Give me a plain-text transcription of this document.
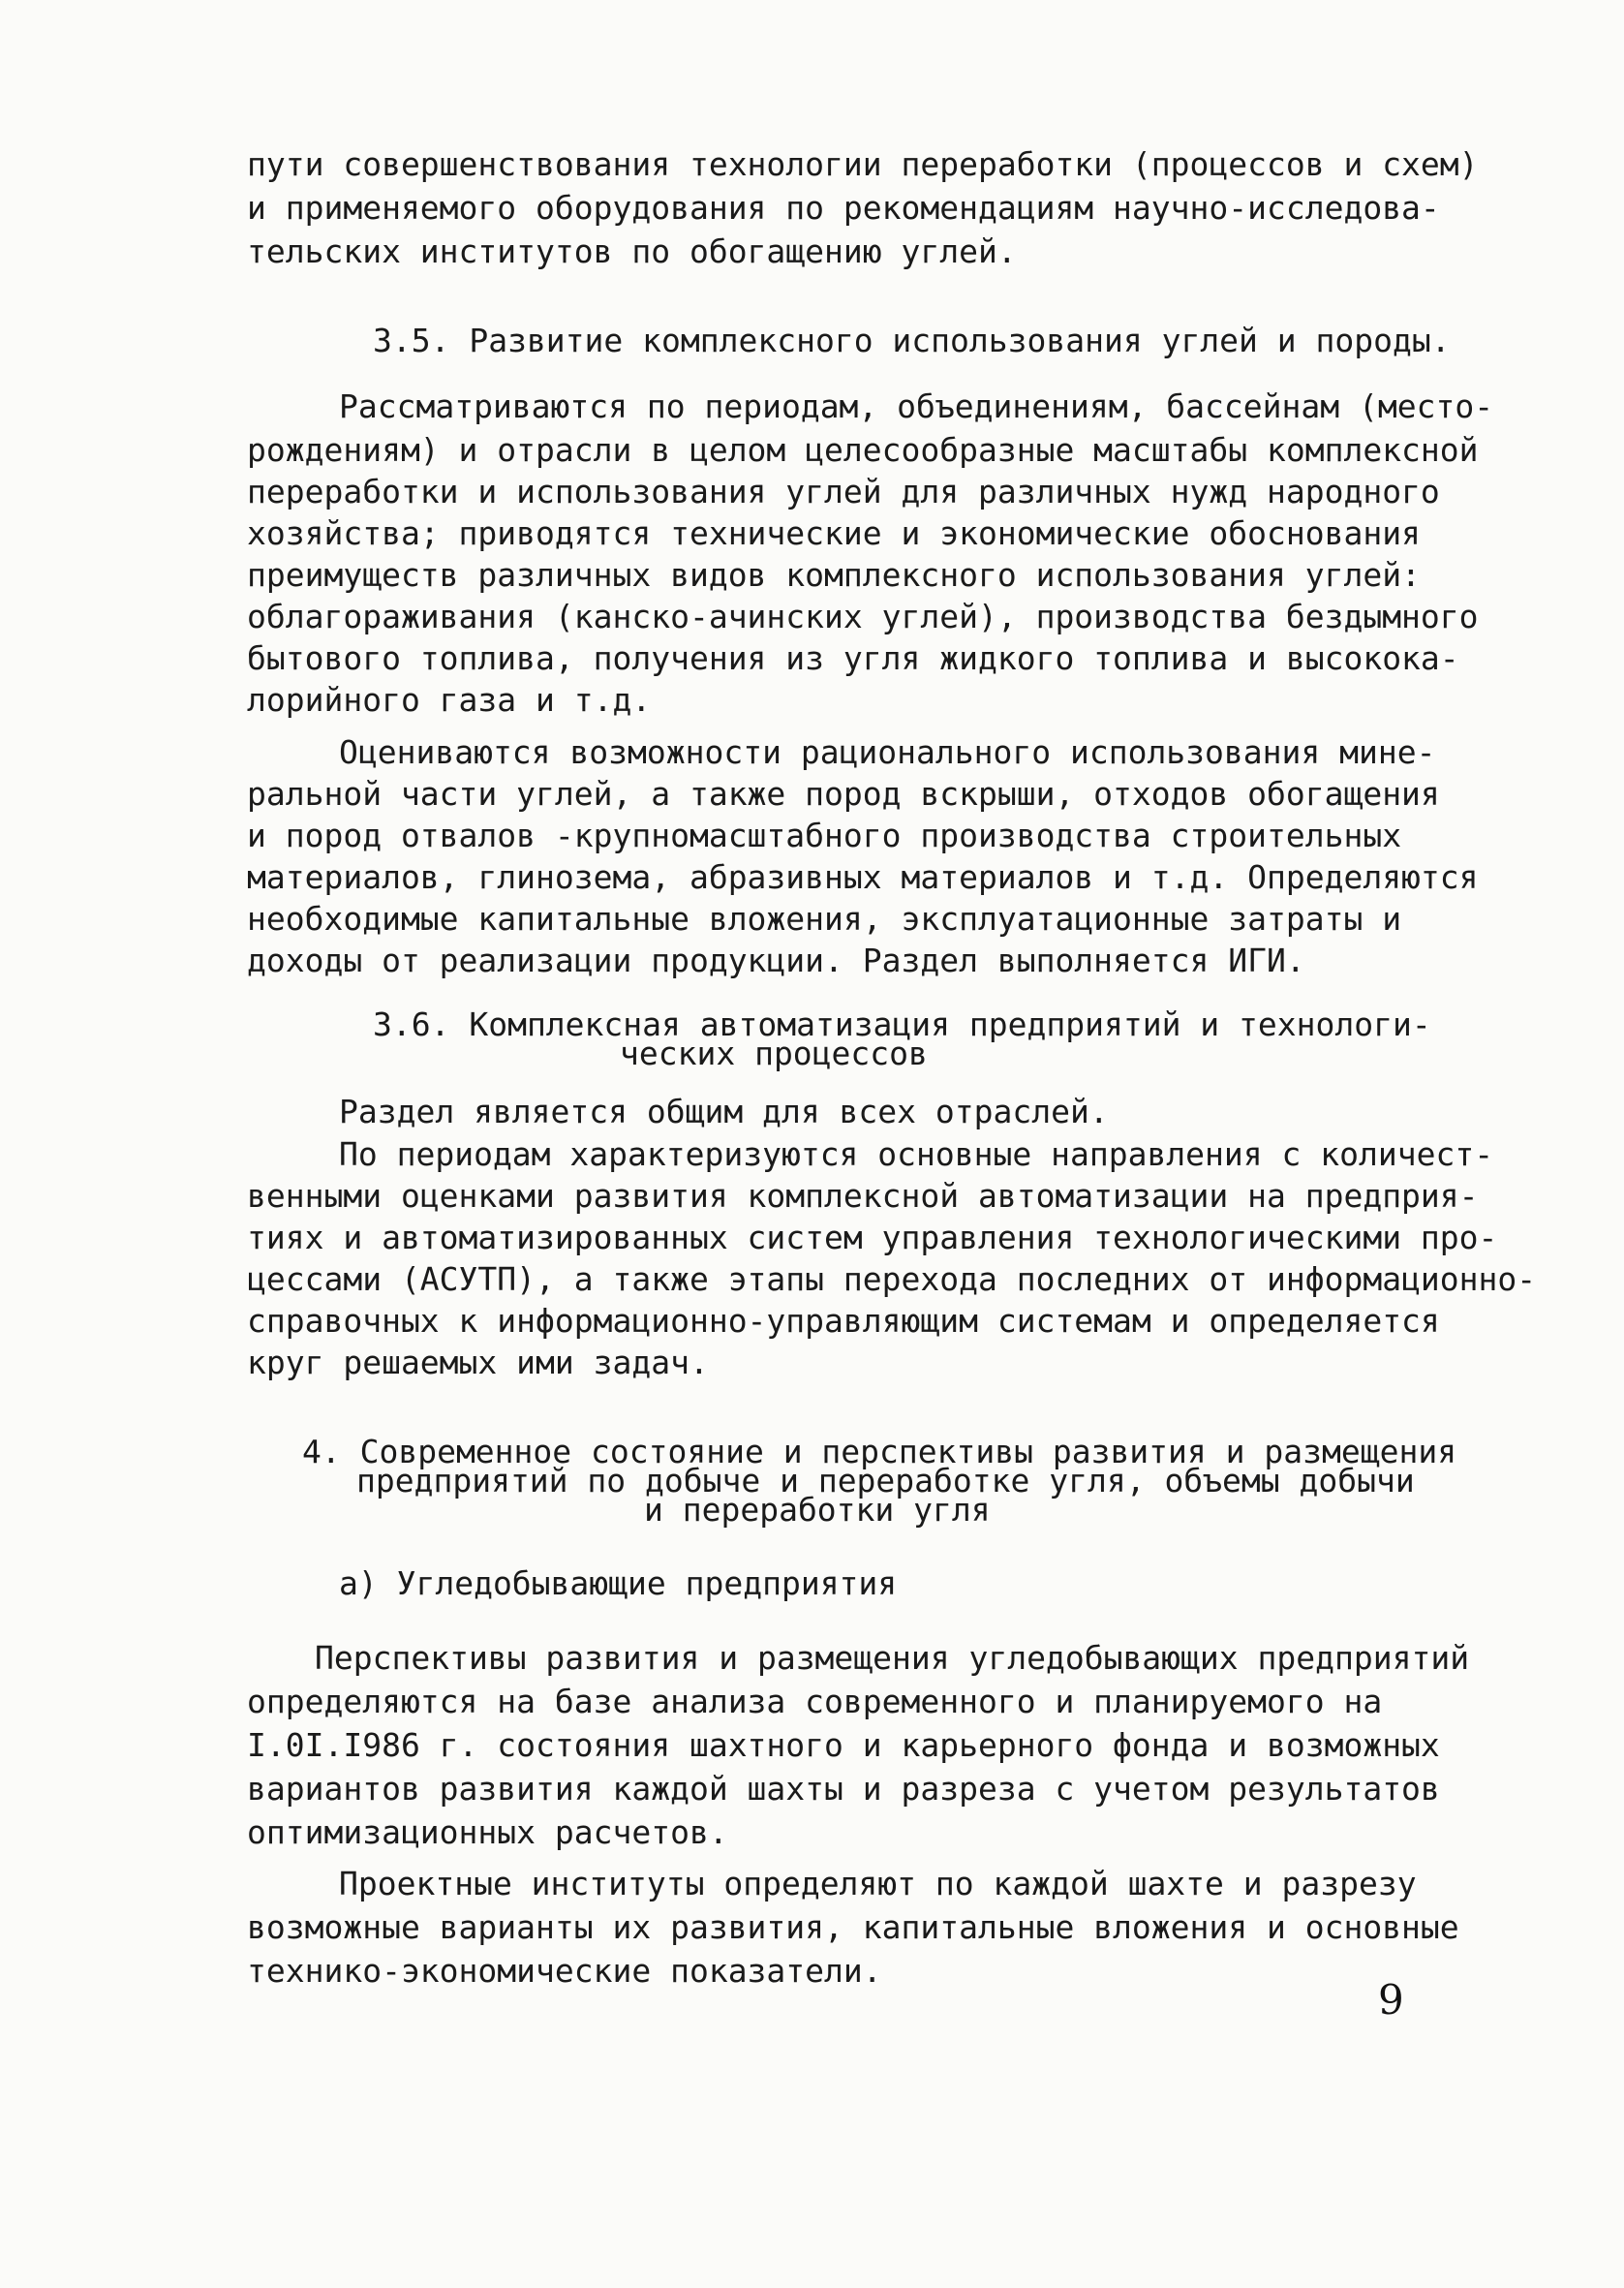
пути совершенствования технологии переработки (процессов и схем)

и применяемого оборудования по рекомендациям научно-исследова-

тельских институтов по обогащению углей.

3.5. Развитие комплексного использования углей и породы.

Рассматриваются по периодам, объединениям, бассейнам (место-

рождениям) и отрасли в целом целесообразные масштабы комплексной

переработки и использования углей для различных нужд народного

хозяйства; приводятся технические и экономические обоснования

преимуществ различных видов комплексного использования углей:

облагораживания (канско-ачинских углей), производства бездымного

бытового топлива, получения из угля жидкого топлива и высокока-

лорийного газа и т.д.

Оцениваются возможности рационального использования мине-

ральной части углей, а также пород вскрыши, отходов обогащения

и пород отвалов -крупномасштабного производства строительных

материалов, глинозема, абразивных материалов и т.д. Определяются

необходимые капитальные вложения, эксплуатационные затраты и

доходы от реализации продукции. Раздел выполняется ИГИ.

3.6. Комплексная автоматизация предприятий и технологи-

ческих процессов

Раздел является общим для всех отраслей.

По периодам характеризуются основные направления с количест-

венными оценками развития комплексной автоматизации на предприя-

тиях и автоматизированных систем управления технологическими про-

цессами (АСУТП), а также этапы перехода последних от информационно-

справочных к информационно-управляющим системам и определяется

круг решаемых ими задач.

4. Современное состояние и перспективы развития и размещения

предприятий по добыче и переработке угля, объемы добычи

и переработки угля

а) Угледобывающие предприятия

Перспективы развития и размещения угледобывающих предприятий

определяются на базе анализа современного и планируемого на

I.0I.I986 г. состояния шахтного и карьерного фонда и возможных

вариантов развития каждой шахты и разреза с учетом результатов

оптимизационных расчетов.

Проектные институты определяют по каждой шахте и разрезу

возможные варианты их развития, капитальные вложения и основные

технико-экономические показатели.

9
